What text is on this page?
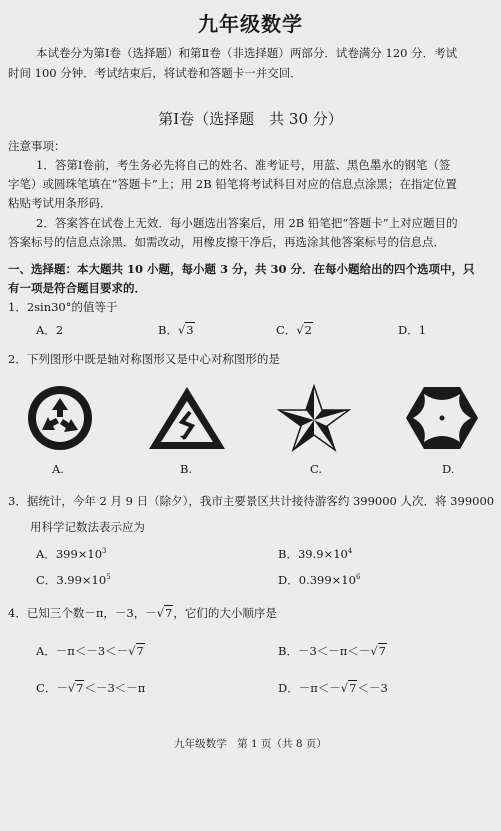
九年级数学
本试卷分为第Ⅰ卷（选择题）和第Ⅱ卷（非选择题）两部分．试卷满分 120 分．考试
时间 100 分钟．考试结束后，将试卷和答题卡一并交回．
第Ⅰ卷（选择题　共 30 分）
注意事项：
1．答第Ⅰ卷前，考生务必先将自己的姓名、准考证号，用蓝、黑色墨水的钢笔（签
字笔）或圆珠笔填在“答题卡”上；用 2B 铅笔将考试科目对应的信息点涂黑；在指定位置
粘贴考试用条形码．
2．答案答在试卷上无效．每小题选出答案后，用 2B 铅笔把“答题卡”上对应题目的
答案标号的信息点涂黑．如需改动，用橡皮擦干净后，再选涂其他答案标号的信息点．
一、选择题：本大题共 10 小题，每小题 3 分，共 30 分．在每小题给出的四个选项中，只
有一项是符合题目要求的．
1．2sin30°的值等于
A．2	B．√3	C．√2	D．1
2．下列图形中既是轴对称图形又是中心对称图形的是
A.	B.	C.	D.
3．据统计，今年 2 月 9 日（除夕），我市主要景区共计接待游客约 399000 人次．将 399000
用科学记数法表示应为
A．$399\times 10^3$	B．$39.9\times 10^4$
C．$3.99\times 10^5$	D．$0.399\times 10^6$
4．已知三个数－π，－3，－√7，它们的大小顺序是
A．－π＜－3＜－√7	B．－3＜－π＜－√7
C．－√7＜－3＜－π	D．－π＜－√7＜－3
九年级数学　第 1 页（共 8 页）
